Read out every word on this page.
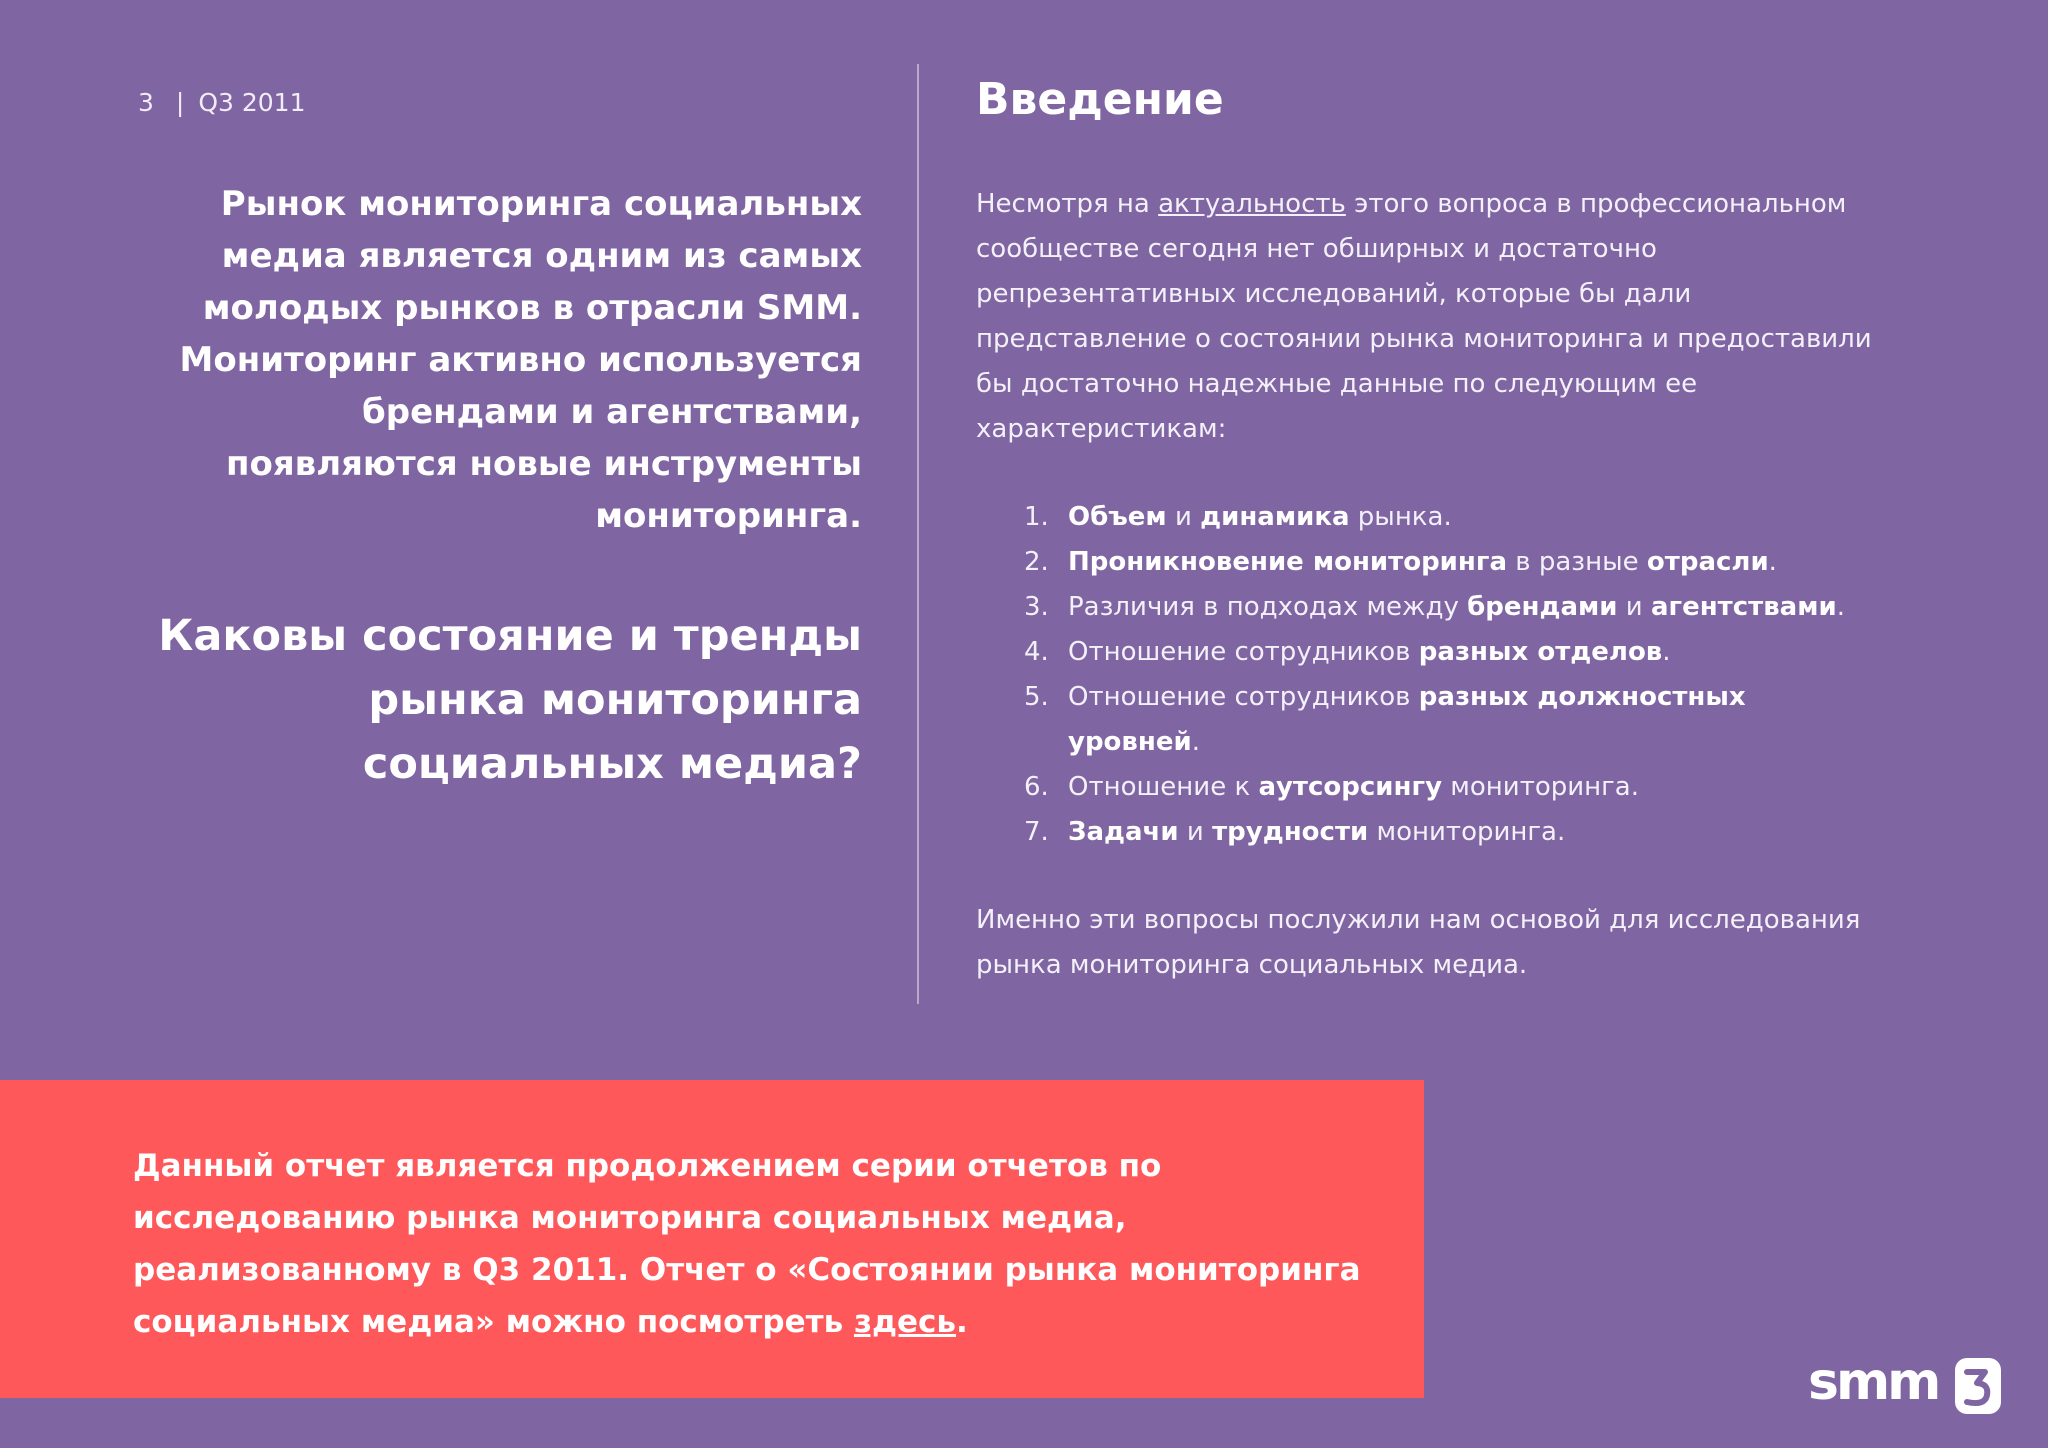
3 | Q3 2011
Рынок мониторинга социальных медиа является одним из самых молодых рынков в отрасли SMM. Мониторинг активно используется брендами и агентствами, появляются новые инструменты мониторинга.
Каковы состояние и тренды рынка мониторинга социальных медиа?
Введение
Несмотря на актуальность этого вопроса в профессиональном сообществе сегодня нет обширных и достаточно репрезентативных исследований, которые бы дали представление о состоянии рынка мониторинга и предоставили бы достаточно надежные данные по следующим ее характеристикам:
1. Объем и динамика рынка.
2. Проникновение мониторинга в разные отрасли.
3. Различия в подходах между брендами и агентствами.
4. Отношение сотрудников разных отделов.
5. Отношение сотрудников разных должностных уровней.
6. Отношение к аутсорсингу мониторинга.
7. Задачи и трудности мониторинга.
Именно эти вопросы послужили нам основой для исследования рынка мониторинга социальных медиа.
Данный отчет является продолжением серии отчетов по исследованию рынка мониторинга социальных медиа, реализованному в Q3 2011. Отчет о «Состоянии рынка мониторинга социальных медиа» можно посмотреть здесь.
smm
